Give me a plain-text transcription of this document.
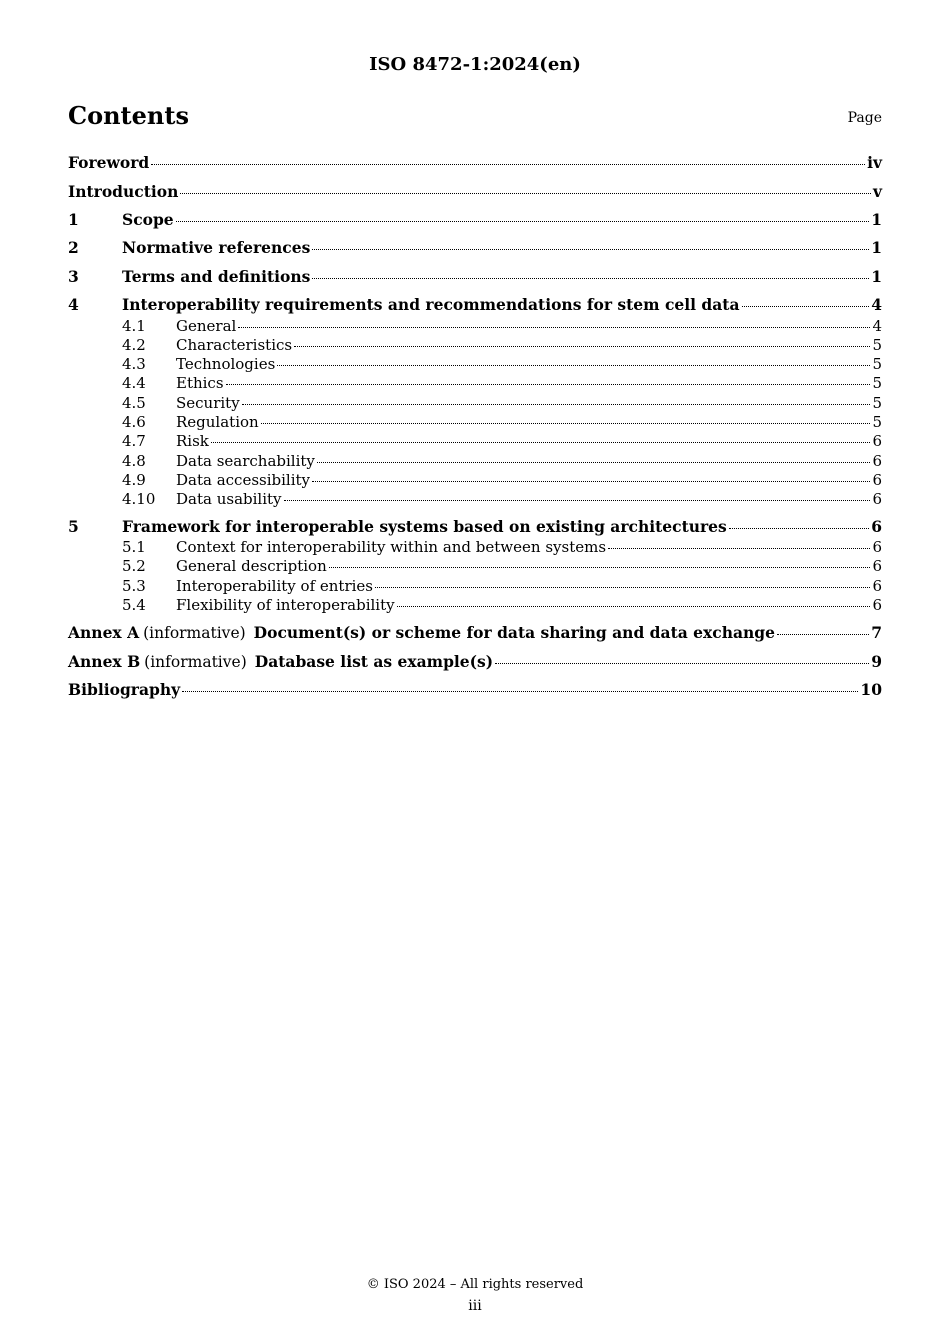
ISO 8472-1:2024(en)
Contents	Page
Foreword	iv
Introduction	v
1	Scope	1
2	Normative references	1
3	Terms and definitions	1
4	Interoperability requirements and recommendations for stem cell data	4
4.1	General	4
4.2	Characteristics	5
4.3	Technologies	5
4.4	Ethics	5
4.5	Security	5
4.6	Regulation	5
4.7	Risk	6
4.8	Data searchability	6
4.9	Data accessibility	6
4.10	Data usability	6
5	Framework for interoperable systems based on existing architectures	6
5.1	Context for interoperability within and between systems	6
5.2	General description	6
5.3	Interoperability of entries	6
5.4	Flexibility of interoperability	6
Annex A (informative) Document(s) or scheme for data sharing and data exchange	7
Annex B (informative) Database list as example(s)	9
Bibliography	10
© ISO 2024 – All rights reserved
iii
